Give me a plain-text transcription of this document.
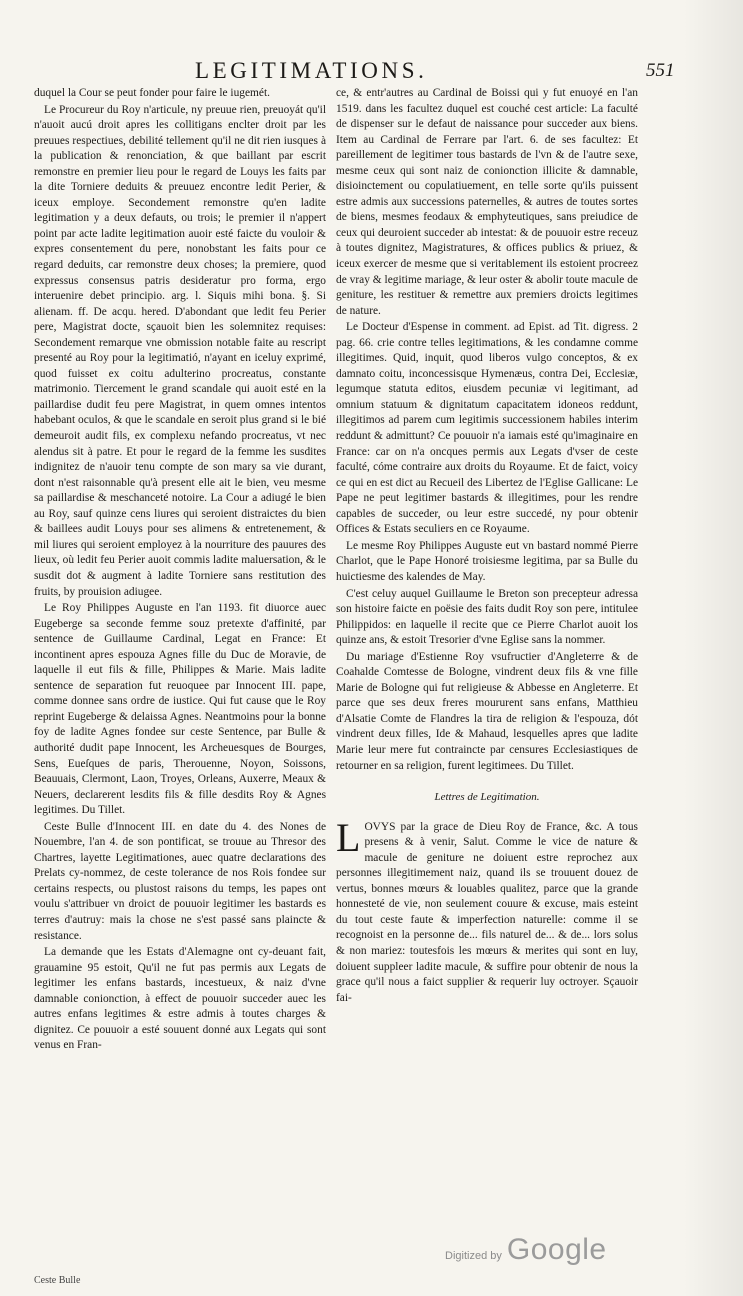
LEGITIMATIONS.	551

duquel la Cour se peut fonder pour faire le iugemét.

Le Procureur du Roy n'articule, ny preuue rien, preuoyát qu'il n'auoit aucú droit apres les collitigans enclter droit par les preuues respectiues, debilité tellement qu'il ne dit rien iusques à la publication & renonciation, & que baillant par escrit remonstre en premier lieu pour le regard de Louys les faits par la dite Torniere deduits & preuuez encontre ledit Perier, & iceux employe. Secondement remonstre qu'en ladite legitimation y a deux defauts, ou trois; le premier il n'appert point par acte ladite legitimation auoir esté faicte du vouloir & expres consentement du pere, nonobstant les faits pour ce regard deduits, car remonstre deux choses; la premiere, quod expressus consensus patris desideratur pro forma, ergo interuenire debet principio. arg. l. Siquis mihi bona. §. Si alienam. ff. De acqu. hered. D'abondant que ledit feu Perier pere, Magistrat docte, sçauoit bien les solemnitez requises: Secondement remarque vne obmission notable faite au rescript presenté au Roy pour la legitimatió, n'ayant en iceluy exprimé, quod fuisset ex coitu adulterino procreatus, constante matrimonio. Tiercement le grand scandale qui auoit esté en la paillardise dudit feu pere Magistrat, in quem omnes intentos habebant oculos, & que le scandale en seroit plus grand si le bié demeuroit audit fils, ex complexu nefando procreatus, vt nec alendus sit à patre. Et pour le regard de la femme les susdites indignitez de n'auoir tenu compte de son mary sa vie durant, dont n'est raisonnable qu'à present elle ait le bien, veu mesme sa paillardise & meschanceté notoire. La Cour a adiugé le bien au Roy, sauf quinze cens liures qui seroient distraictes du bien & baillees audit Louys pour ses alimens & entretenement, & mil liures qui seroient employez à la nourriture des pauures des lieux, où ledit feu Perier auoit commis ladite maluersation, & le susdit dot & augment à ladite Torniere sans restitution des fruits, by prouision adiugee.

Le Roy Philippes Auguste en l'an 1193. fit diuorce auec Eugeberge sa seconde femme souz pretexte d'affinité, par sentence de Guillaume Cardinal, Legat en France: Et incontinent apres espouza Agnes fille du Duc de Moravie, de laquelle il eut fils & fille, Philippes & Marie. Mais ladite sentence de separation fut reuoquee par Innocent III. pape, comme donnee sans ordre de iustice. Qui fut cause que le Roy reprint Eugeberge & delaissa Agnes. Neantmoins pour la bonne foy de ladite Agnes fondee sur ceste Sentence, par Bulle & authorité dudit pape Innocent, les Archeuesques de Bourges, Sens, Eueſques de paris, Therouenne, Noyon, Soissons, Beauuais, Clermont, Laon, Troyes, Orleans, Auxerre, Meaux & Neuers, declarerent lesdits fils & fille desdits Roy & Agnes legitimes. Du Tillet.

Ceste Bulle d'Innocent III. en date du 4. des Nones de Nouembre, l'an 4. de son pontificat, se trouue au Thresor des Chartres, layette Legitimationes, auec quatre declarations des Prelats cy-nommez, de ceste tolerance de nos Rois fondee sur certains respects, ou plustost raisons du temps, les papes ont voulu s'attribuer vn droict de pouuoir legitimer les bastards es terres d'autruy: mais la chose ne s'est passé sans plaincte & resistance.

La demande que les Estats d'Alemagne ont cy-deuant fait, grauamine 95 estoit, Qu'il ne fut pas permis aux Legats de legitimer les enfans bastards, incestueux, & naiz d'vne damnable conionction, à effect de pouuoir succeder auec les autres enfans legitimes & estre admis à toutes charges & dignitez. Ce pouuoir a esté souuent donné aux Legats qui sont venus en Fran-

ce, & entr'autres au Cardinal de Boissi qui y fut enuoyé en l'an 1519. dans les facultez duquel est couché cest article: La faculté de dispenser sur le defaut de naissance pour succeder aux biens. Item au Cardinal de Ferrare par l'art. 6. de ses facultez: Et pareillement de legitimer tous bastards de l'vn & de l'autre sexe, mesme ceux qui sont naiz de conionction illicite & damnable, disioinctement ou copulatiuement, en telle sorte qu'ils puissent estre admis aux successions paternelles, & autres de toutes sortes de biens, mesmes feodaux & emphyteutiques, sans preiudice de ceux qui deuroient succeder ab intestat: & de pouuoir estre receuz à toutes dignitez, Magistratures, & offices publics & priuez, & iceux exercer de mesme que si veritablement ils estoient procreez de vray & legitime mariage, & leur oster & abolir toute macule de geniture, les restituer & remettre aux premiers droicts legitimes de nature.

Le Docteur d'Espense in comment. ad Epist. ad Tit. digress. 2 pag. 66. crie contre telles legitimations, & les condamne comme illegitimes. Quid, inquit, quod liberos vulgo conceptos, & ex damnato coitu, inconcessisque Hymenæus, contra Dei, Ecclesiæ, legumque statuta editos, eiusdem pecuniæ vi legitimant, ad omnium statuum & dignitatum capacitatem idoneos reddunt, illegitimos ad parem cum legitimis successionem habiles interim reddunt & admittunt? Ce pouuoir n'a iamais esté qu'imaginaire en France: car on n'a oncques permis aux Legats d'vser de ceste faculté, cóme contraire aux droits du Royaume. Et de faict, voicy ce qui en est dict au Recueil des Libertez de l'Eglise Gallicane: Le Pape ne peut legitimer bastards & illegitimes, pour les rendre capables de succeder, ou leur estre succedé, ny pour obtenir Offices & Estats seculiers en ce Royaume.

Le mesme Roy Philippes Auguste eut vn bastard nommé Pierre Charlot, que le Pape Honoré troisiesme legitima, par sa Bulle du huictiesme des kalendes de May.

C'est celuy auquel Guillaume le Breton son precepteur adressa son histoire faicte en poësie des faits dudit Roy son pere, intitulee Philippidos: en laquelle il recite que ce Pierre Charlot auoit los quinze ans, & estoit Tresorier d'vne Eglise sans la nommer.

Du mariage d'Estienne Roy vsufructier d'Angleterre & de Coahalde Comtesse de Bologne, vindrent deux fils & vne fille Marie de Bologne qui fut religieuse & Abbesse en Angleterre. Et parce que ses deux freres moururent sans enfans, Matthieu d'Alsatie Comte de Flandres la tira de religion & l'espouza, dót vindrent deux filles, Ide & Mahaud, lesquelles apres que ladite Marie leur mere fut contraincte par censures Ecclesiastiques de retourner en sa religion, furent legitimees. Du Tillet.

Lettres de Legitimation.

LOVYS par la grace de Dieu Roy de France, &c. A tous presens & à venir, Salut. Comme le vice de nature & macule de geniture ne doiuent estre reprochez aux personnes illegitimement naiz, quand ils se trouuent douez de vertus, bonnes mœurs & louables qualitez, parce que la grande honnesteté de vie, non seulement couure & excuse, mais esteint du tout ceste faute & imperfection naturelle: comme il se recognoist en la personne de... fils naturel de... & de... lors solus & non mariez: toutesfois les mœurs & merites qui sont en luy, doiuent suppleer ladite macule, & suffire pour obtenir de nous la grace qu'il nous a faict supplier & requerir luy octroyer. Sçauoir fai-

Ceste Bulle
Digitized by Google
